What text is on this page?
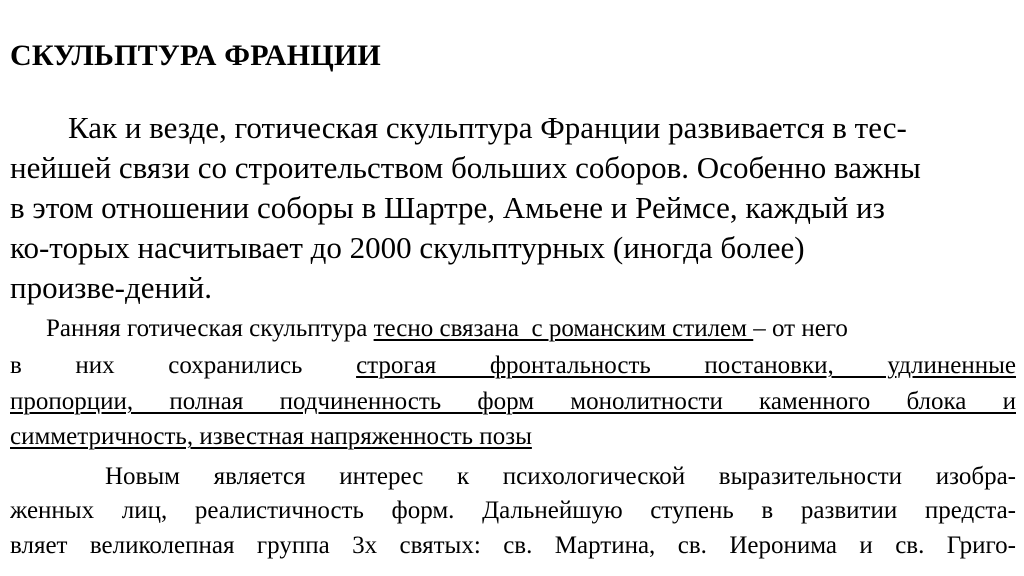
СКУЛЬПТУРА ФРАНЦИИ

Как и везде, готическая скульптура Франции развивается в тес-

нейшей связи со строительством больших соборов. Особенно важны

в этом отношении соборы в Шартре, Амьене и Реймсе, каждый из

ко-торых насчитывает до 2000 скульптурных (иногда более)

произве-дений.

Ранняя готическая скульптура тесно связана  с романским стилем – от него

в них сохранились строгая фронтальность постановки, удлиненные

пропорции, полная подчиненность форм монолитности каменного блока и

симметричность, известная напряженность позы

Новым является интерес к психологической выразительности изобра-

женных лиц, реалистичность форм. Дальнейшую ступень в развитии предста-

вляет великолепная группа 3х святых: св. Мартина, св. Иеронима и св. Григо-
